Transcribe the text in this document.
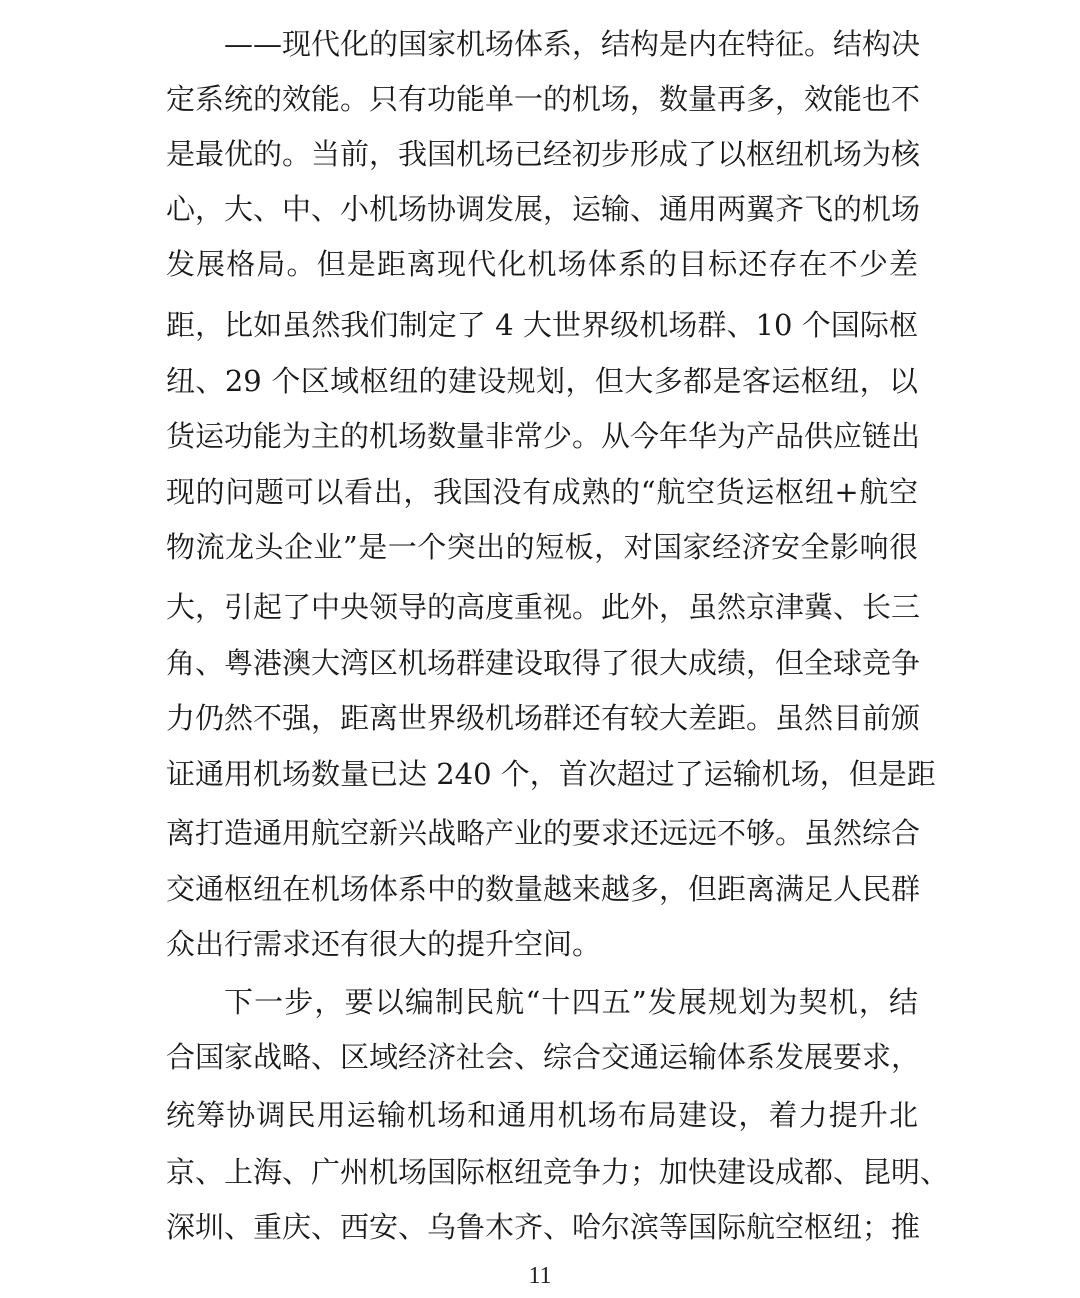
——现代化的国家机场体系，结构是内在特征。结构决
定系统的效能。只有功能单一的机场，数量再多，效能也不
是最优的。当前，我国机场已经初步形成了以枢纽机场为核
心，大、中、小机场协调发展，运输、通用两翼齐飞的机场
发展格局。但是距离现代化机场体系的目标还存在不少差
距，比如虽然我们制定了 4 大世界级机场群、10 个国际枢
纽、29 个区域枢纽的建设规划，但大多都是客运枢纽，以
货运功能为主的机场数量非常少。从今年华为产品供应链出
现的问题可以看出，我国没有成熟的“航空货运枢纽+航空
物流龙头企业”是一个突出的短板，对国家经济安全影响很
大，引起了中央领导的高度重视。此外，虽然京津冀、长三
角、粤港澳大湾区机场群建设取得了很大成绩，但全球竞争
力仍然不强，距离世界级机场群还有较大差距。虽然目前颁
证通用机场数量已达 240 个，首次超过了运输机场，但是距
离打造通用航空新兴战略产业的要求还远远不够。虽然综合
交通枢纽在机场体系中的数量越来越多，但距离满足人民群
众出行需求还有很大的提升空间。
下一步，要以编制民航“十四五”发展规划为契机，结
合国家战略、区域经济社会、综合交通运输体系发展要求，
统筹协调民用运输机场和通用机场布局建设，着力提升北
京、上海、广州机场国际枢纽竞争力；加快建设成都、昆明、
深圳、重庆、西安、乌鲁木齐、哈尔滨等国际航空枢纽；推
11
